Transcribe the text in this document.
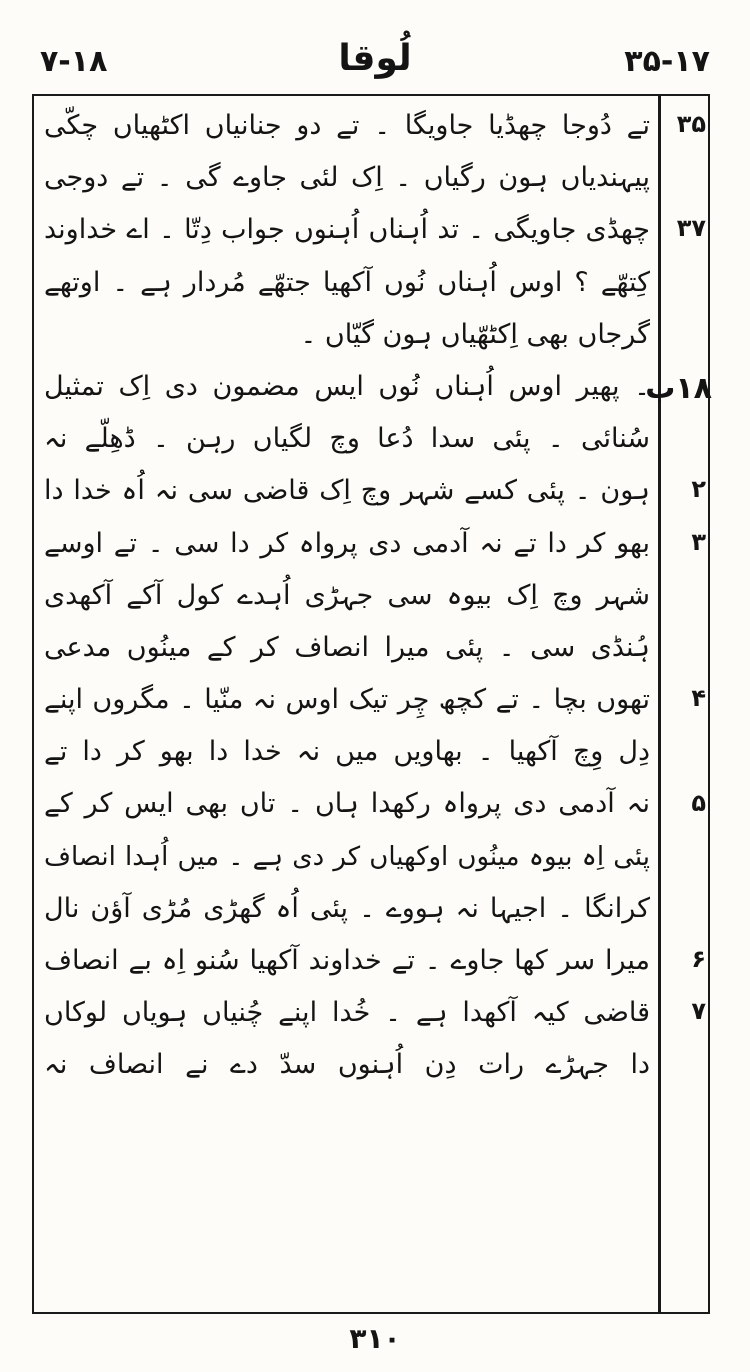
۷-۱۸	لُوقا	۳۵-۱۷
تے دُوجا چھڈیا جاویگا ۔ تے دو جنانیاں اکٹھیاں چکّی
پیہندیاں ہون رگیاں ۔ اِک لئی جاوے گی ۔ تے دوجی
چھڈی جاویگی ۔ تد اُہناں اُہنوں جواب دِتّا ۔ اے خداوند
کِتھّے ؟ اوس اُہناں نُوں آکھیا جتھّے مُردار ہے ۔ اوتھے
گرجاں بھی اِکٹھّیاں ہون گیّاں ۔
۔ پھیر اوس اُہناں نُوں ایس مضمون دی اِک تمثیل
سُنائی ۔ پئی سدا دُعا وچ لگیاں رہن ۔ ڈھِلّے نہ
ہون ۔ پئی کسے شہر وچ اِک قاضی سی نہ اُہ خدا دا
بھو کر دا تے نہ آدمی دی پرواہ کر دا سی ۔ تے اوسے
شہر وچ اِک بیوہ سی جہڑی اُہدے کول آکے آکھدی
ہُنڈی سی ۔ پئی میرا انصاف کر کے مینُوں مدعی
تھوں بچا ۔ تے کچھ چِر تیک اوس نہ منّیا ۔ مگروں اپنے
دِل وِچ آکھیا ۔ بھاویں میں نہ خدا دا بھو کر دا تے
نہ آدمی دی پرواہ رکھدا ہاں ۔ تاں بھی ایس کر کے
پئی اِہ بیوہ مینُوں اوکھیاں کر دی ہے ۔ میں اُہدا انصاف
کرانگا ۔ اجیہا نہ ہووے ۔ پئی اُہ گھڑی مُڑی آؤن نال
میرا سر کھا جاوے ۔ تے خداوند آکھیا سُنو اِہ بے انصاف
قاضی کیہ آکھدا ہے ۔ خُدا اپنے چُنیاں ہویاں لوکاں
دا جہڑے رات دِن اُہنوں سدّ دے نے انصاف نہ
۳۵
۳۷
۱۸ب
۲
۳
۴
۵
۶
۷
۳۱۰
